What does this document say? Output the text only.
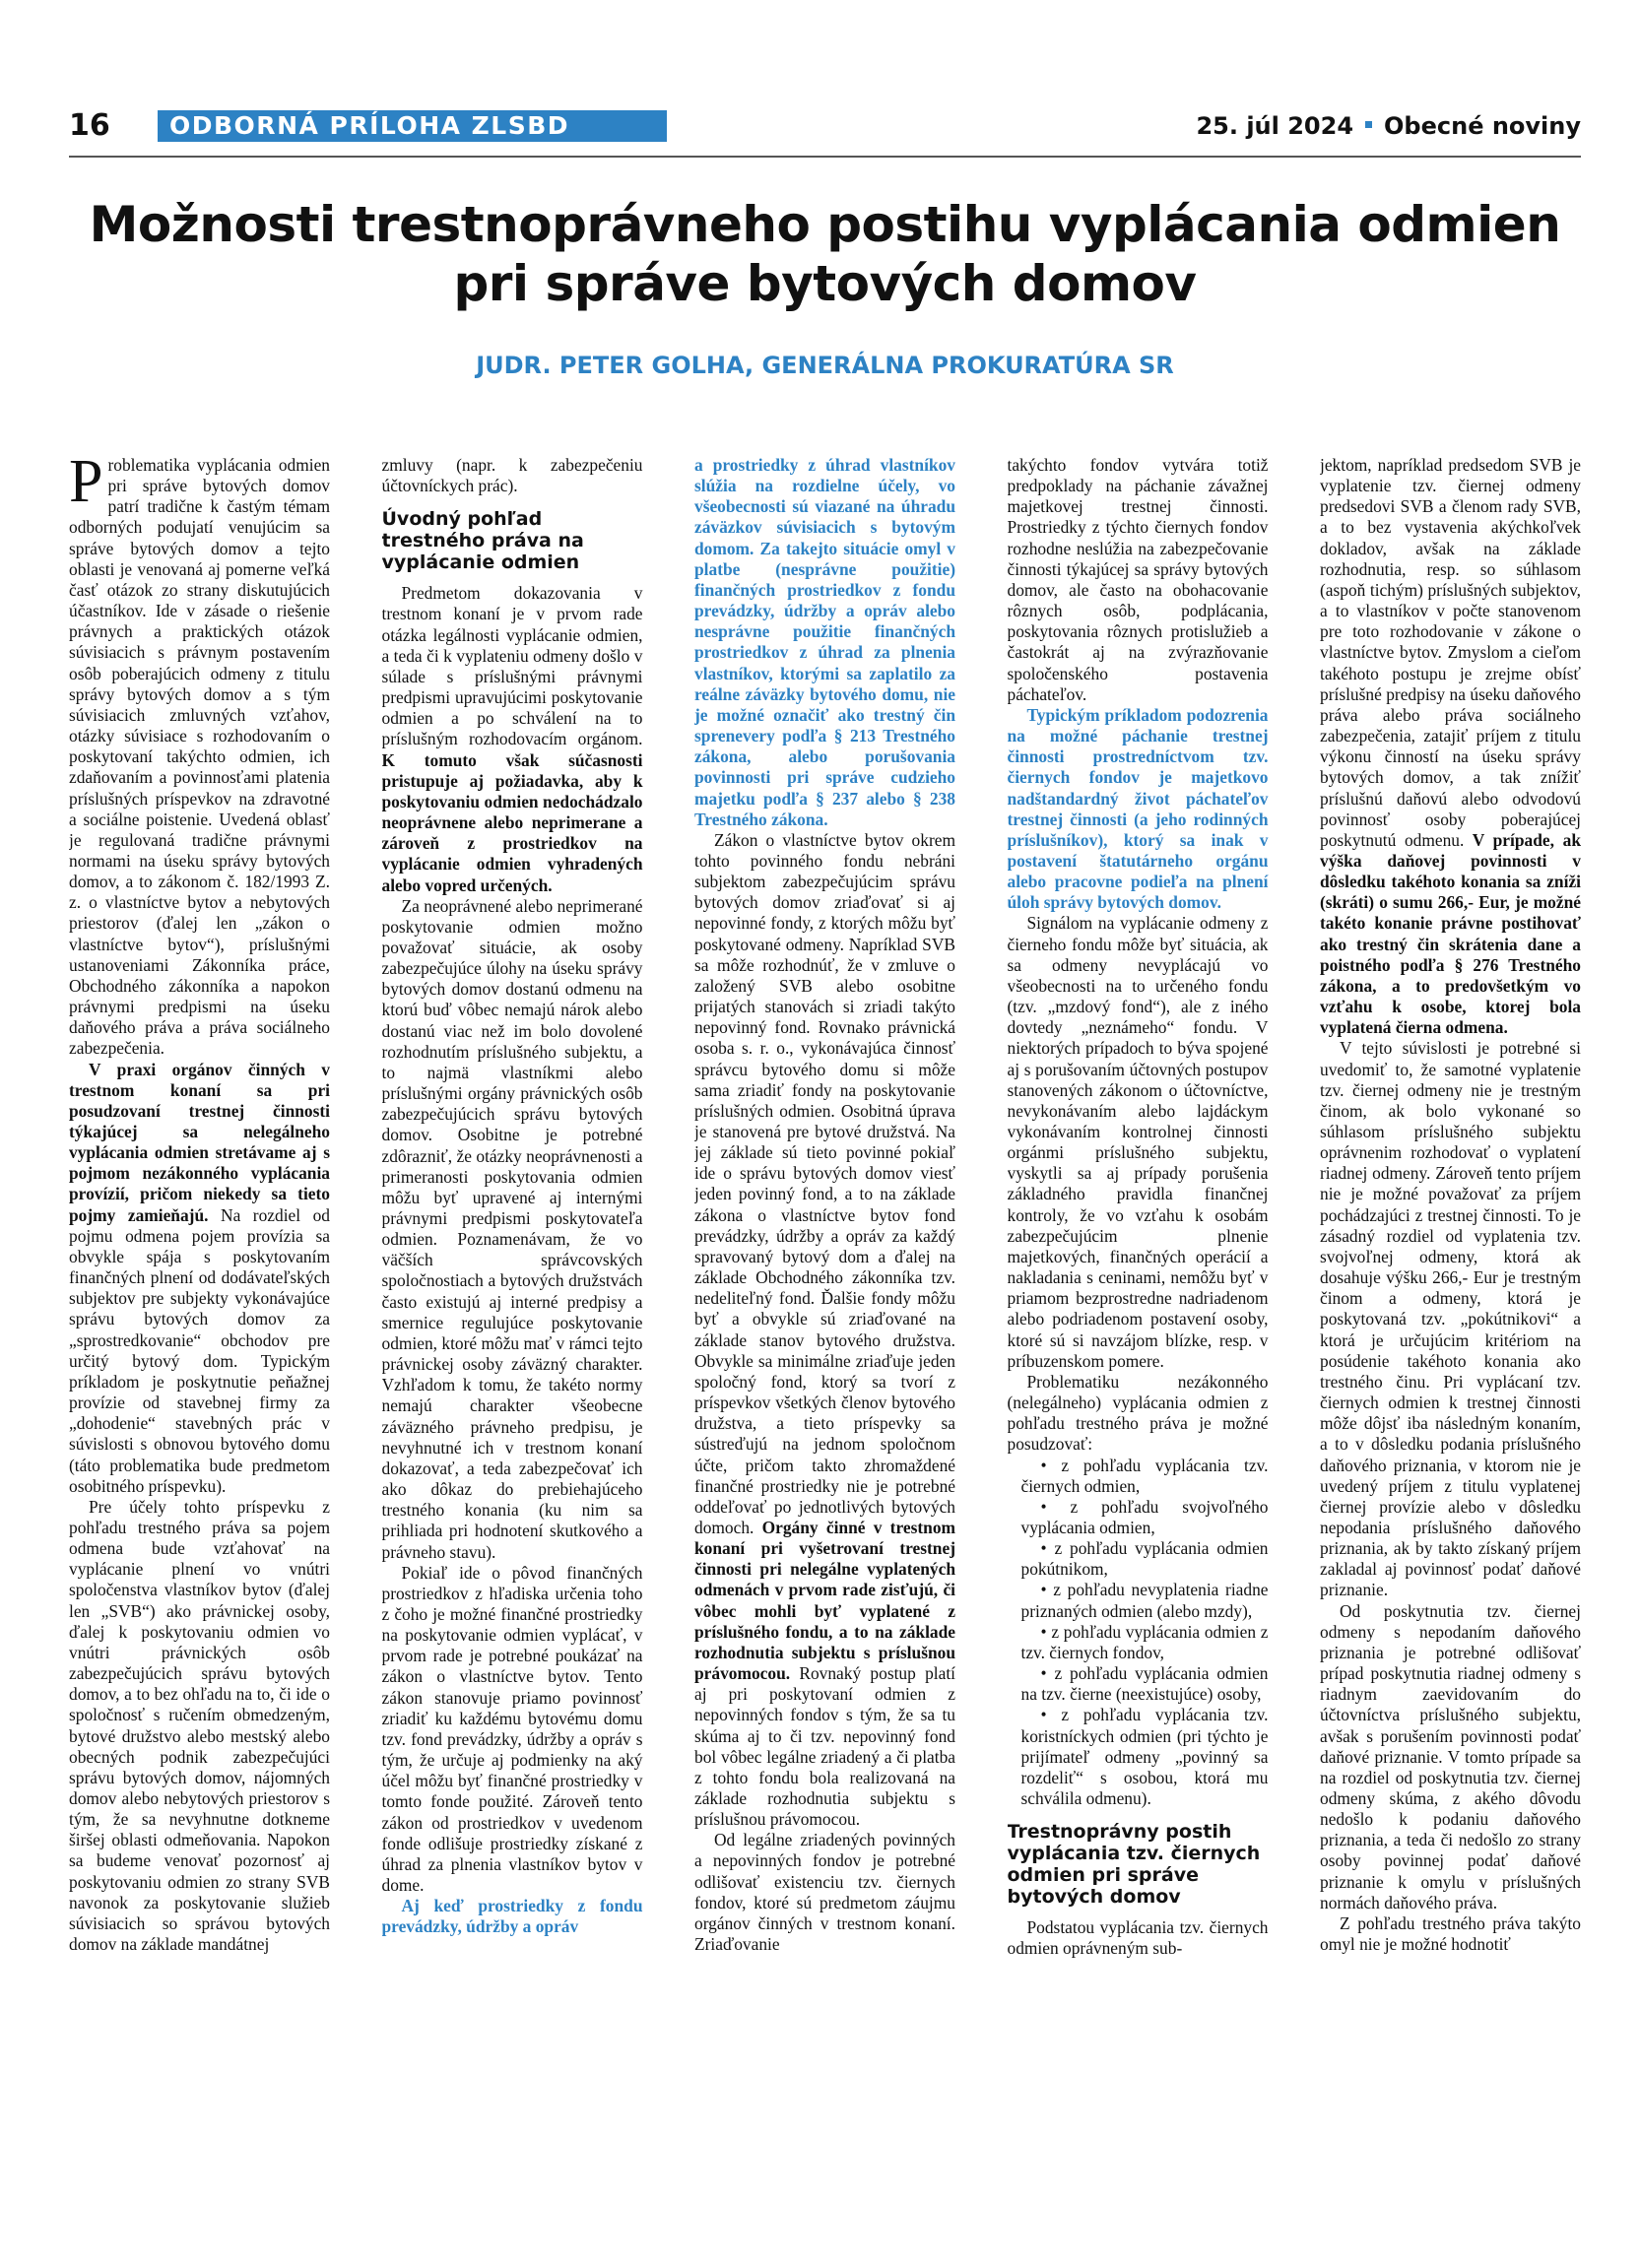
16	ODBORNÁ PRÍLOHA ZLSBD	25. júl 2024 Obecné noviny
Možnosti trestnoprávneho postihu vyplácania odmien pri správe bytových domov
JUDR. PETER GOLHA, GENERÁLNA PROKURATÚRA SR

Problematika vyplácania odmien pri správe bytových domov patrí tradične k častým témam odborných podujatí venujúcim sa správe bytových domov a tejto oblasti je venovaná aj pomerne veľká časť otázok zo strany diskutujúcich účastníkov. Ide v zásade o riešenie právnych a praktických otázok súvisiacich s právnym postavením osôb poberajúcich odmeny z titulu správy bytových domov a s tým súvisiacich zmluvných vzťahov, otázky súvisiace s rozhodovaním o poskytovaní takýchto odmien, ich zdaňovaním a povinnosťami platenia príslušných príspevkov na zdravotné a sociálne poistenie. Uvedená oblasť je regulovaná tradične právnymi normami na úseku správy bytových domov, a to zákonom č. 182/1993 Z. z. o vlastníctve bytov a nebytových priestorov (ďalej len „zákon o vlastníctve bytov“), príslušnými ustanoveniami Zákonníka práce, Obchodného zákonníka a napokon právnymi predpismi na úseku daňového práva a práva sociálneho zabezpečenia.

V praxi orgánov činných v trestnom konaní sa pri posudzovaní trestnej činnosti týkajúcej sa nelegálneho vyplácania odmien stretávame aj s pojmom nezákonného vyplácania provízií, pričom niekedy sa tieto pojmy zamieňajú. Na rozdiel od pojmu odmena pojem provízia sa obvykle spája s poskytovaním finančných plnení od dodávateľských subjektov pre subjekty vykonávajúce správu bytových domov za „sprostredkovanie“ obchodov pre určitý bytový dom. Typickým príkladom je poskytnutie peňažnej provízie od stavebnej firmy za „dohodenie“ stavebných prác v súvislosti s obnovou bytového domu (táto problematika bude predmetom osobitného príspevku).

Pre účely tohto príspevku z pohľadu trestného práva sa pojem odmena bude vzťahovať na vyplácanie plnení vo vnútri spoločenstva vlastníkov bytov (ďalej len „SVB“) ako právnickej osoby, ďalej k poskytovaniu odmien vo vnútri právnických osôb zabezpečujúcich správu bytových domov, a to bez ohľadu na to, či ide o spoločnosť s ručením obmedzeným, bytové družstvo alebo mestský alebo obecných podnik zabezpečujúci správu bytových domov, nájomných domov alebo nebytových priestorov s tým, že sa nevyhnutne dotkneme širšej oblasti odmeňovania. Napokon sa budeme venovať pozornosť aj poskytovaniu odmien zo strany SVB navonok za poskytovanie služieb súvisiacich so správou bytových domov na základe mandátnej

zmluvy (napr. k zabezpečeniu účtovníckych prác).

Úvodný pohľad trestného práva na vyplácanie odmien

Predmetom dokazovania v trestnom konaní je v prvom rade otázka legálnosti vyplácanie odmien, a teda či k vyplateniu odmeny došlo v súlade s príslušnými právnymi predpismi upravujúcimi poskytovanie odmien a po schválení na to príslušným rozhodovacím orgánom. K tomuto však súčasnosti pristupuje aj požiadavka, aby k poskytovaniu odmien nedochádzalo neoprávnene alebo neprimerane a zároveň z prostriedkov na vyplácanie odmien vyhradených alebo vopred určených.

Za neoprávnené alebo neprimerané poskytovanie odmien možno považovať situácie, ak osoby zabezpečujúce úlohy na úseku správy bytových domov dostanú odmenu na ktorú buď vôbec nemajú nárok alebo dostanú viac než im bolo dovolené rozhodnutím príslušného subjektu, a to najmä vlastníkmi alebo príslušnými orgány právnických osôb zabezpečujúcich správu bytových domov. Osobitne je potrebné zdôrazniť, že otázky neoprávnenosti a primeranosti poskytovania odmien môžu byť upravené aj internými právnymi predpismi poskytovateľa odmien. Poznamenávam, že vo väčších správcovských spoločnostiach a bytových družstvách často existujú aj interné predpisy a smernice regulujúce poskytovanie odmien, ktoré môžu mať v rámci tejto právnickej osoby záväzný charakter. Vzhľadom k tomu, že takéto normy nemajú charakter všeobecne záväzného právneho predpisu, je nevyhnutné ich v trestnom konaní dokazovať, a teda zabezpečovať ich ako dôkaz do prebiehajúceho trestného konania (ku nim sa prihliada pri hodnotení skutkového a právneho stavu).

Pokiaľ ide o pôvod finančných prostriedkov z hľadiska určenia toho z čoho je možné finančné prostriedky na poskytovanie odmien vyplácať, v prvom rade je potrebné poukázať na zákon o vlastníctve bytov. Tento zákon stanovuje priamo povinnosť zriadiť ku každému bytovému domu tzv. fond prevádzky, údržby a opráv s tým, že určuje aj podmienky na aký účel môžu byť finančné prostriedky v tomto fonde použité. Zároveň tento zákon od prostriedkov v uvedenom fonde odlišuje prostriedky získané z úhrad za plnenia vlastníkov bytov v dome.

Aj keď prostriedky z fondu prevádzky, údržby a opráv

a prostriedky z úhrad vlastníkov slúžia na rozdielne účely, vo všeobecnosti sú viazané na úhradu záväzkov súvisiacich s bytovým domom. Za takejto situácie omyl v platbe (nesprávne použitie) finančných prostriedkov z fondu prevádzky, údržby a opráv alebo nesprávne použitie finančných prostriedkov z úhrad za plnenia vlastníkov, ktorými sa zaplatilo za reálne záväzky bytového domu, nie je možné označiť ako trestný čin sprenevery podľa § 213 Trestného zákona, alebo porušovania povinnosti pri správe cudzieho majetku podľa § 237 alebo § 238 Trestného zákona.

Zákon o vlastníctve bytov okrem tohto povinného fondu nebráni subjektom zabezpečujúcim správu bytových domov zriaďovať si aj nepovinné fondy, z ktorých môžu byť poskytované odmeny. Napríklad SVB sa môže rozhodnúť, že v zmluve o založený SVB alebo osobitne prijatých stanovách si zriadi takýto nepovinný fond. Rovnako právnická osoba s. r. o., vykonávajúca činnosť správcu bytového domu si môže sama zriadiť fondy na poskytovanie príslušných odmien. Osobitná úprava je stanovená pre bytové družstvá. Na jej základe sú tieto povinné pokiaľ ide o správu bytových domov viesť jeden povinný fond, a to na základe zákona o vlastníctve bytov fond prevádzky, údržby a opráv za každý spravovaný bytový dom a ďalej na základe Obchodného zákonníka tzv. nedeliteľný fond. Ďalšie fondy môžu byť a obvykle sú zriaďované na základe stanov bytového družstva. Obvykle sa minimálne zriaďuje jeden spoločný fond, ktorý sa tvorí z príspevkov všetkých členov bytového družstva, a tieto príspevky sa sústreďujú na jednom spoločnom účte, pričom takto zhromaždené finančné prostriedky nie je potrebné oddeľovať po jednotlivých bytových domoch. Orgány činné v trestnom konaní pri vyšetrovaní trestnej činnosti pri nelegálne vyplatených odmenách v prvom rade zisťujú, či vôbec mohli byť vyplatené z príslušného fondu, a to na základe rozhodnutia subjektu s príslušnou právomocou. Rovnaký postup platí aj pri poskytovaní odmien z nepovinných fondov s tým, že sa tu skúma aj to či tzv. nepovinný fond bol vôbec legálne zriadený a či platba z tohto fondu bola realizovaná na základe rozhodnutia subjektu s príslušnou právomocou.

Od legálne zriadených povinných a nepovinných fondov je potrebné odlišovať existenciu tzv. čiernych fondov, ktoré sú predmetom záujmu orgánov činných v trestnom konaní. Zriaďovanie

takýchto fondov vytvára totiž predpoklady na páchanie závažnej majetkovej trestnej činnosti. Prostriedky z týchto čiernych fondov rozhodne neslúžia na zabezpečovanie činnosti týkajúcej sa správy bytových domov, ale často na obohacovanie rôznych osôb, podplácania, poskytovania rôznych protislužieb a častokrát aj na zvýrazňovanie spoločenského postavenia páchateľov.

Typickým príkladom podozrenia na možné páchanie trestnej činnosti prostredníctvom tzv. čiernych fondov je majetkovo nadštandardný život páchateľov trestnej činnosti (a jeho rodinných príslušníkov), ktorý sa inak v postavení štatutárneho orgánu alebo pracovne podieľa na plnení úloh správy bytových domov.

Signálom na vyplácanie odmeny z čierneho fondu môže byť situácia, ak sa odmeny nevyplácajú vo všeobecnosti na to určeného fondu (tzv. „mzdový fond“), ale z iného dovtedy „neznámeho“ fondu. V niektorých prípadoch to býva spojené aj s porušovaním účtovných postupov stanovených zákonom o účtovníctve, nevykonávaním alebo lajdáckym vykonávaním kontrolnej činnosti orgánmi príslušného subjektu, vyskytli sa aj prípady porušenia základného pravidla finančnej kontroly, že vo vzťahu k osobám zabezpečujúcim plnenie majetkových, finančných operácií a nakladania s ceninami, nemôžu byť v priamom bezprostredne nadriadenom alebo podriadenom postavení osoby, ktoré sú si navzájom blízke, resp. v príbuzenskom pomere.

Problematiku nezákonného (nelegálneho) vyplácania odmien z pohľadu trestného práva je možné posudzovať:

• z pohľadu vyplácania tzv. čiernych odmien,

• z pohľadu svojvoľného vyplácania odmien,

• z pohľadu vyplácania odmien pokútnikom,

• z pohľadu nevyplatenia riadne priznaných odmien (alebo mzdy),

• z pohľadu vyplácania odmien z tzv. čiernych fondov,

• z pohľadu vyplácania odmien na tzv. čierne (neexistujúce) osoby,

• z pohľadu vyplácania tzv. koristníckych odmien (pri týchto je prijímateľ odmeny „povinný sa rozdeliť“ s osobou, ktorá mu schválila odmenu).

Trestnoprávny postih vyplácania tzv. čiernych odmien pri správe bytových domov

Podstatou vyplácania tzv. čiernych odmien oprávneným sub-

jektom, napríklad predsedom SVB je vyplatenie tzv. čiernej odmeny predsedovi SVB a členom rady SVB, a to bez vystavenia akýchkoľvek dokladov, avšak na základe rozhodnutia, resp. so súhlasom (aspoň tichým) príslušných subjektov, a to vlastníkov v počte stanovenom pre toto rozhodovanie v zákone o vlastníctve bytov. Zmyslom a cieľom takéhoto postupu je zrejme obísť príslušné predpisy na úseku daňového práva alebo práva sociálneho zabezpečenia, zatajiť príjem z titulu výkonu činností na úseku správy bytových domov, a tak znížiť príslušnú daňovú alebo odvodovú povinnosť osoby poberajúcej poskytnutú odmenu. V prípade, ak výška daňovej povinnosti v dôsledku takéhoto konania sa zníži (skráti) o sumu 266,- Eur, je možné takéto konanie právne postihovať ako trestný čin skrátenia dane a poistného podľa § 276 Trestného zákona, a to predovšetkým vo vzťahu k osobe, ktorej bola vyplatená čierna odmena.

V tejto súvislosti je potrebné si uvedomiť to, že samotné vyplatenie tzv. čiernej odmeny nie je trestným činom, ak bolo vykonané so súhlasom príslušného subjektu oprávnenim rozhodovať o vyplatení riadnej odmeny. Zároveň tento príjem nie je možné považovať za príjem pochádzajúci z trestnej činnosti. To je zásadný rozdiel od vyplatenia tzv. svojvoľnej odmeny, ktorá ak dosahuje výšku 266,- Eur je trestným činom a odmeny, ktorá je poskytovaná tzv. „pokútnikovi“ a ktorá je určujúcim kritériom na posúdenie takéhoto konania ako trestného činu. Pri vyplácaní tzv. čiernych odmien k trestnej činnosti môže dôjsť iba následným konaním, a to v dôsledku podania príslušného daňového priznania, v ktorom nie je uvedený príjem z titulu vyplatenej čiernej provízie alebo v dôsledku nepodania príslušného daňového priznania, ak by takto získaný príjem zakladal aj povinnosť podať daňové priznanie.

Od poskytnutia tzv. čiernej odmeny s nepodaním daňového priznania je potrebné odlišovať prípad poskytnutia riadnej odmeny s riadnym zaevidovaním do účtovníctva príslušného subjektu, avšak s porušením povinnosti podať daňové priznanie. V tomto prípade sa na rozdiel od poskytnutia tzv. čiernej odmeny skúma, z akého dôvodu nedošlo k podaniu daňového priznania, a teda či nedošlo zo strany osoby povinnej podať daňové priznanie k omylu v príslušných normách daňového práva.

Z pohľadu trestného práva takýto omyl nie je možné hodnotiť
